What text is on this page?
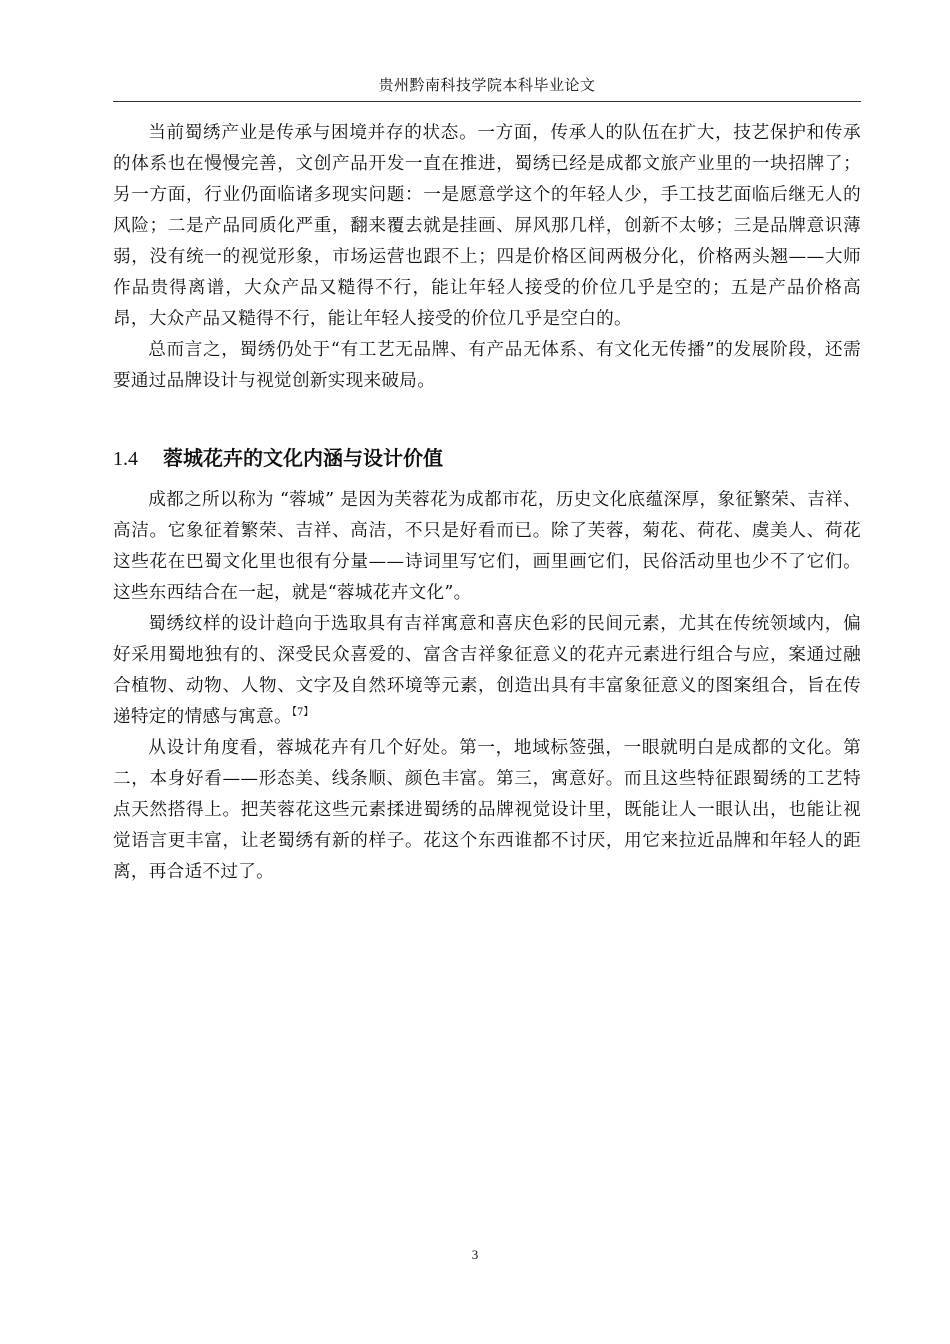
贵州黔南科技学院本科毕业论文

当前蜀绣产业是传承与困境并存的状态。一方面，传承人的队伍在扩大，技艺保护和传承的体系也在慢慢完善，文创产品开发一直在推进，蜀绣已经是成都文旅产业里的一块招牌了；另一方面，行业仍面临诸多现实问题：一是愿意学这个的年轻人少，手工技艺面临后继无人的风险；二是产品同质化严重，翻来覆去就是挂画、屏风那几样，创新不太够；三是品牌意识薄弱，没有统一的视觉形象，市场运营也跟不上；四是价格区间两极分化，价格两头翘——大师作品贵得离谱，大众产品又糙得不行，能让年轻人接受的价位几乎是空的；五是产品价格高昂，大众产品又糙得不行，能让年轻人接受的价位几乎是空白的。

总而言之，蜀绣仍处于“有工艺无品牌、有产品无体系、有文化无传播”的发展阶段，还需要通过品牌设计与视觉创新实现来破局。

1.4 蓉城花卉的文化内涵与设计价值

成都之所以称为 “蓉城” 是因为芙蓉花为成都市花，历史文化底蕴深厚，象征繁荣、吉祥、高洁。它象征着繁荣、吉祥、高洁，不只是好看而已。除了芙蓉，菊花、荷花、虞美人、荷花这些花在巴蜀文化里也很有分量——诗词里写它们，画里画它们，民俗活动里也少不了它们。这些东西结合在一起，就是“蓉城花卉文化”。

蜀绣纹样的设计趋向于选取具有吉祥寓意和喜庆色彩的民间元素，尤其在传统领域内，偏好采用蜀地独有的、深受民众喜爱的、富含吉祥象征意义的花卉元素进行组合与应，案通过融合植物、动物、人物、文字及自然环境等元素，创造出具有丰富象征意义的图案组合，旨在传递特定的情感与寓意。$^{【7】}$

从设计角度看，蓉城花卉有几个好处。第一，地域标签强，一眼就明白是成都的文化。第二，本身好看——形态美、线条顺、颜色丰富。第三，寓意好。而且这些特征跟蜀绣的工艺特点天然搭得上。把芙蓉花这些元素揉进蜀绣的品牌视觉设计里，既能让人一眼认出，也能让视觉语言更丰富，让老蜀绣有新的样子。花这个东西谁都不讨厌，用它来拉近品牌和年轻人的距离，再合适不过了。

3
